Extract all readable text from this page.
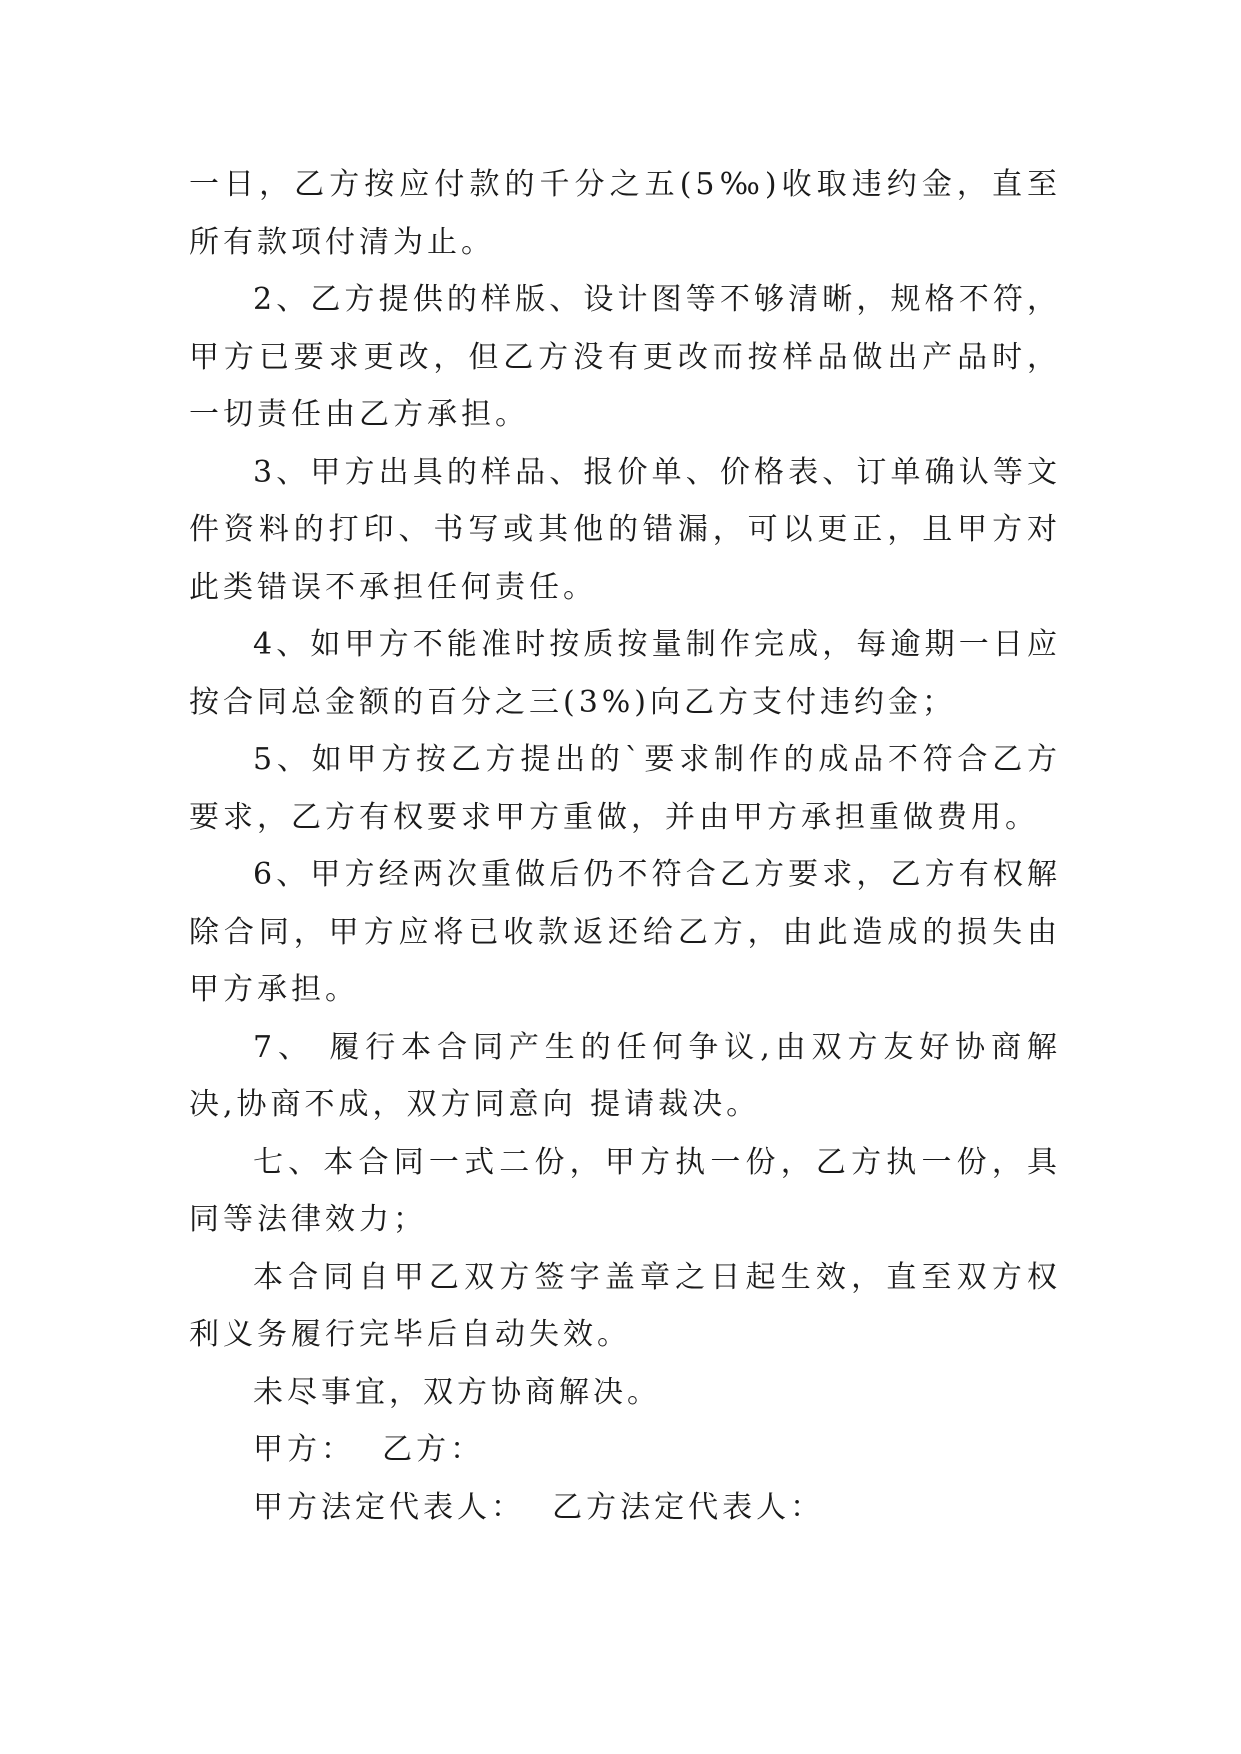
一日，乙方按应付款的千分之五(5‰)收取违约金，直至所有款项付清为止。

2、乙方提供的样版、设计图等不够清晰，规格不符，甲方已要求更改，但乙方没有更改而按样品做出产品时，一切责任由乙方承担。

3、甲方出具的样品、报价单、价格表、订单确认等文件资料的打印、书写或其他的错漏，可以更正，且甲方对此类错误不承担任何责任。

4、如甲方不能准时按质按量制作完成，每逾期一日应按合同总金额的百分之三(3%)向乙方支付违约金；

5、如甲方按乙方提出的`要求制作的成品不符合乙方要求，乙方有权要求甲方重做，并由甲方承担重做费用。

6、甲方经两次重做后仍不符合乙方要求，乙方有权解除合同，甲方应将已收款返还给乙方，由此造成的损失由甲方承担。

7、 履行本合同产生的任何争议,由双方友好协商解决,协商不成，双方同意向 提请裁决。

七、本合同一式二份，甲方执一份，乙方执一份，具同等法律效力；

本合同自甲乙双方签字盖章之日起生效，直至双方权利义务履行完毕后自动失效。

未尽事宜，双方协商解决。

甲方：  乙方：

甲方法定代表人：  乙方法定代表人：
